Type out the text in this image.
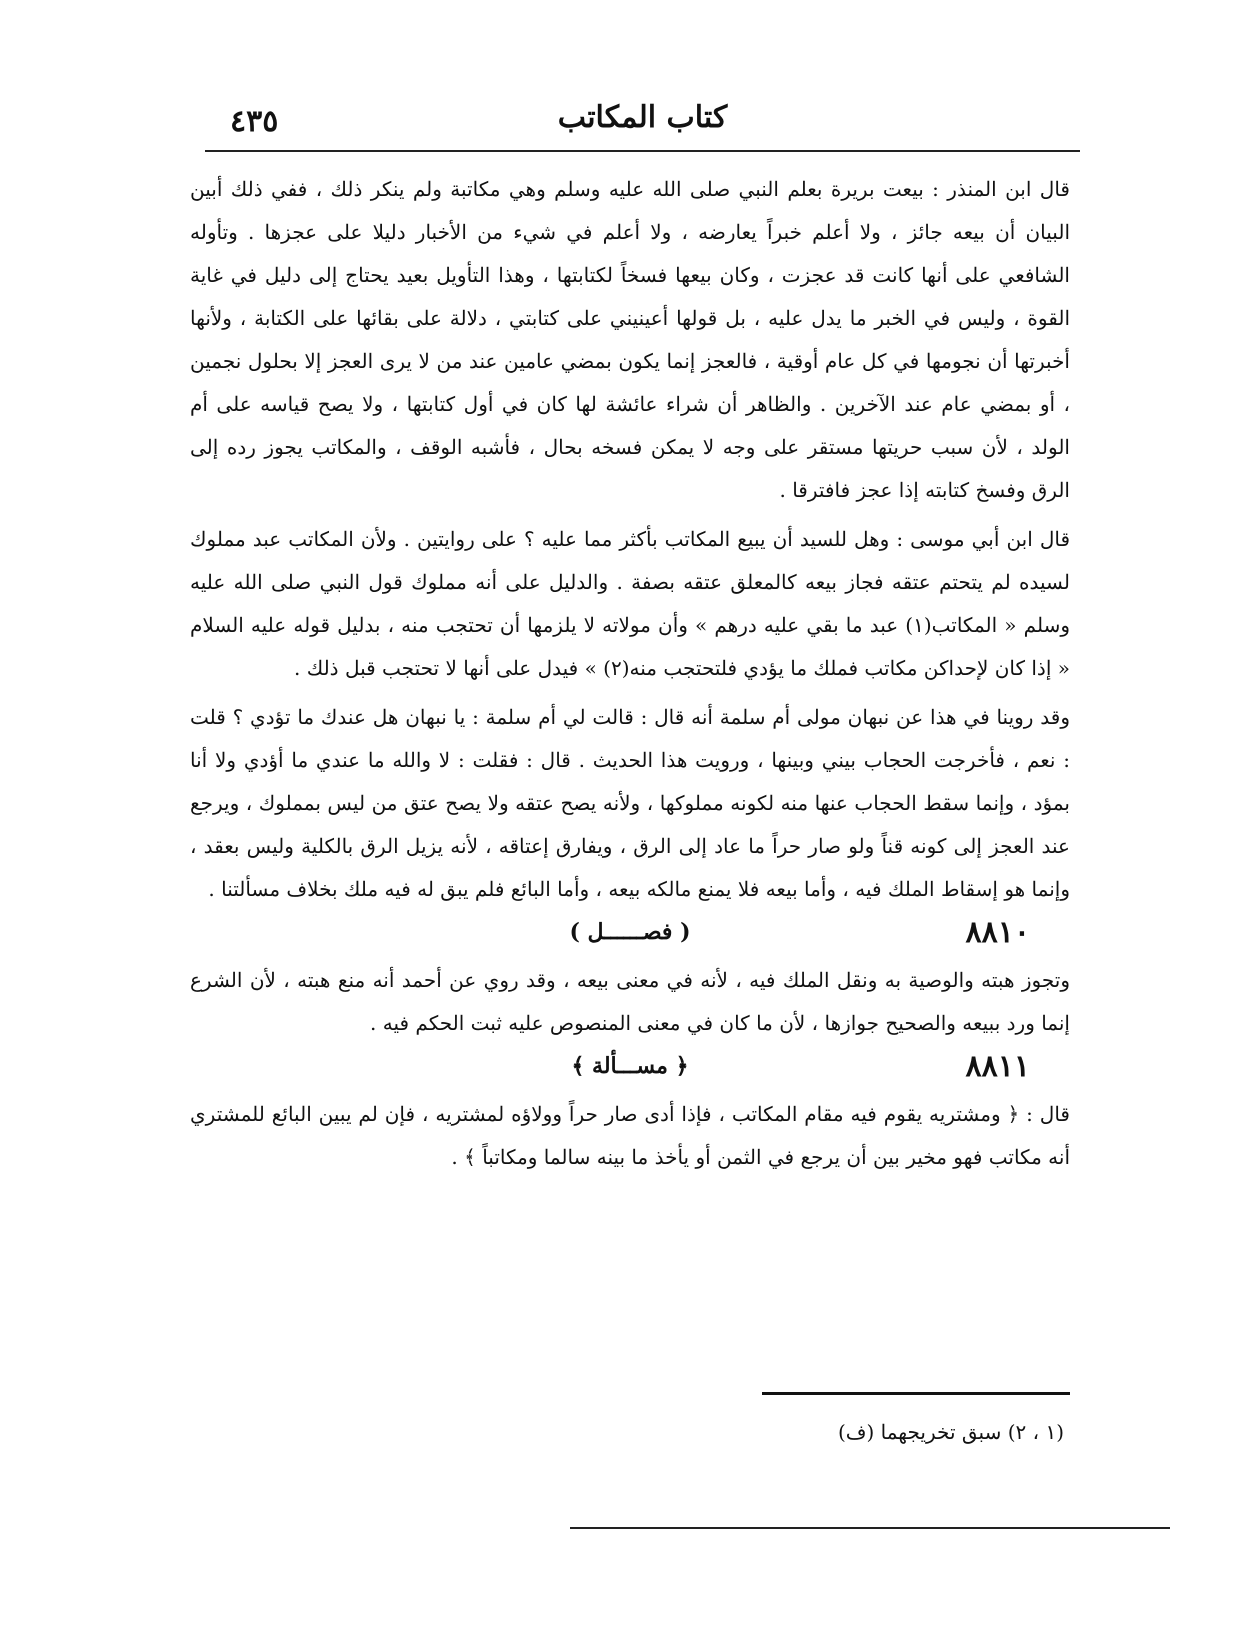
٤٣٥	كتاب المكاتب

قال ابن المنذر : بيعت بريرة بعلم النبي صلى الله عليه وسلم وهي مكاتبة ولم ينكر ذلك ، ففي ذلك أبين البيان أن بيعه جائز ، ولا أعلم خبراً يعارضه ، ولا أعلم في شيء من الأخبار دليلا على عجزها . وتأوله الشافعي على أنها كانت قد عجزت ، وكان بيعها فسخاً لكتابتها ، وهذا التأويل بعيد يحتاج إلى دليل في غاية القوة ، وليس في الخبر ما يدل عليه ، بل قولها أعينيني على كتابتي ، دلالة على بقائها على الكتابة ، ولأنها أخبرتها أن نجومها في كل عام أوقية ، فالعجز إنما يكون بمضي عامين عند من لا يرى العجز إلا بحلول نجمين ، أو بمضي عام عند الآخرين . والظاهر أن شراء عائشة لها كان في أول كتابتها ، ولا يصح قياسه على أم الولد ، لأن سبب حريتها مستقر على وجه لا يمكن فسخه بحال ، فأشبه الوقف ، والمكاتب يجوز رده إلى الرق وفسخ كتابته إذا عجز فافترقا .

قال ابن أبي موسى : وهل للسيد أن يبيع المكاتب بأكثر مما عليه ؟ على روايتين . ولأن المكاتب عبد مملوك لسيده لم يتحتم عتقه فجاز بيعه كالمعلق عتقه بصفة . والدليل على أنه مملوك قول النبي صلى الله عليه وسلم « المكاتب(١) عبد ما بقي عليه درهم » وأن مولاته لا يلزمها أن تحتجب منه ، بدليل قوله عليه السلام « إذا كان لإحداكن مكاتب فملك ما يؤدي فلتحتجب منه(٢) » فيدل على أنها لا تحتجب قبل ذلك .

وقد روينا في هذا عن نبهان مولى أم سلمة أنه قال : قالت لي أم سلمة : يا نبهان هل عندك ما تؤدي ؟ قلت : نعم ، فأخرجت الحجاب بيني وبينها ، ورويت هذا الحديث . قال : فقلت : لا والله ما عندي ما أؤدي ولا أنا بمؤد ، وإنما سقط الحجاب عنها منه لكونه مملوكها ، ولأنه يصح عتقه ولا يصح عتق من ليس بمملوك ، ويرجع عند العجز إلى كونه قناً ولو صار حراً ما عاد إلى الرق ، ويفارق إعتاقه ، لأنه يزيل الرق بالكلية وليس بعقد ، وإنما هو إسقاط الملك فيه ، وأما بيعه فلا يمنع مالكه بيعه ، وأما البائع فلم يبق له فيه ملك بخلاف مسألتنا .

٨٨١٠
( فصــــــل )

وتجوز هبته والوصية به ونقل الملك فيه ، لأنه في معنى بيعه ، وقد روي عن أحمد أنه منع هبته ، لأن الشرع إنما ورد ببيعه والصحيح جوازها ، لأن ما كان في معنى المنصوص عليه ثبت الحكم فيه .

٨٨١١
﴿ مســـألة ﴾

قال : ﴿ ومشتريه يقوم فيه مقام المكاتب ، فإذا أدى صار حراً وولاؤه لمشتريه ، فإن لم يبين البائع للمشتري أنه مكاتب فهو مخير بين أن يرجع في الثمن أو يأخذ ما بينه سالما ومكاتباً ﴾ .

(١ ، ٢) سبق تخريجهما (ف)
